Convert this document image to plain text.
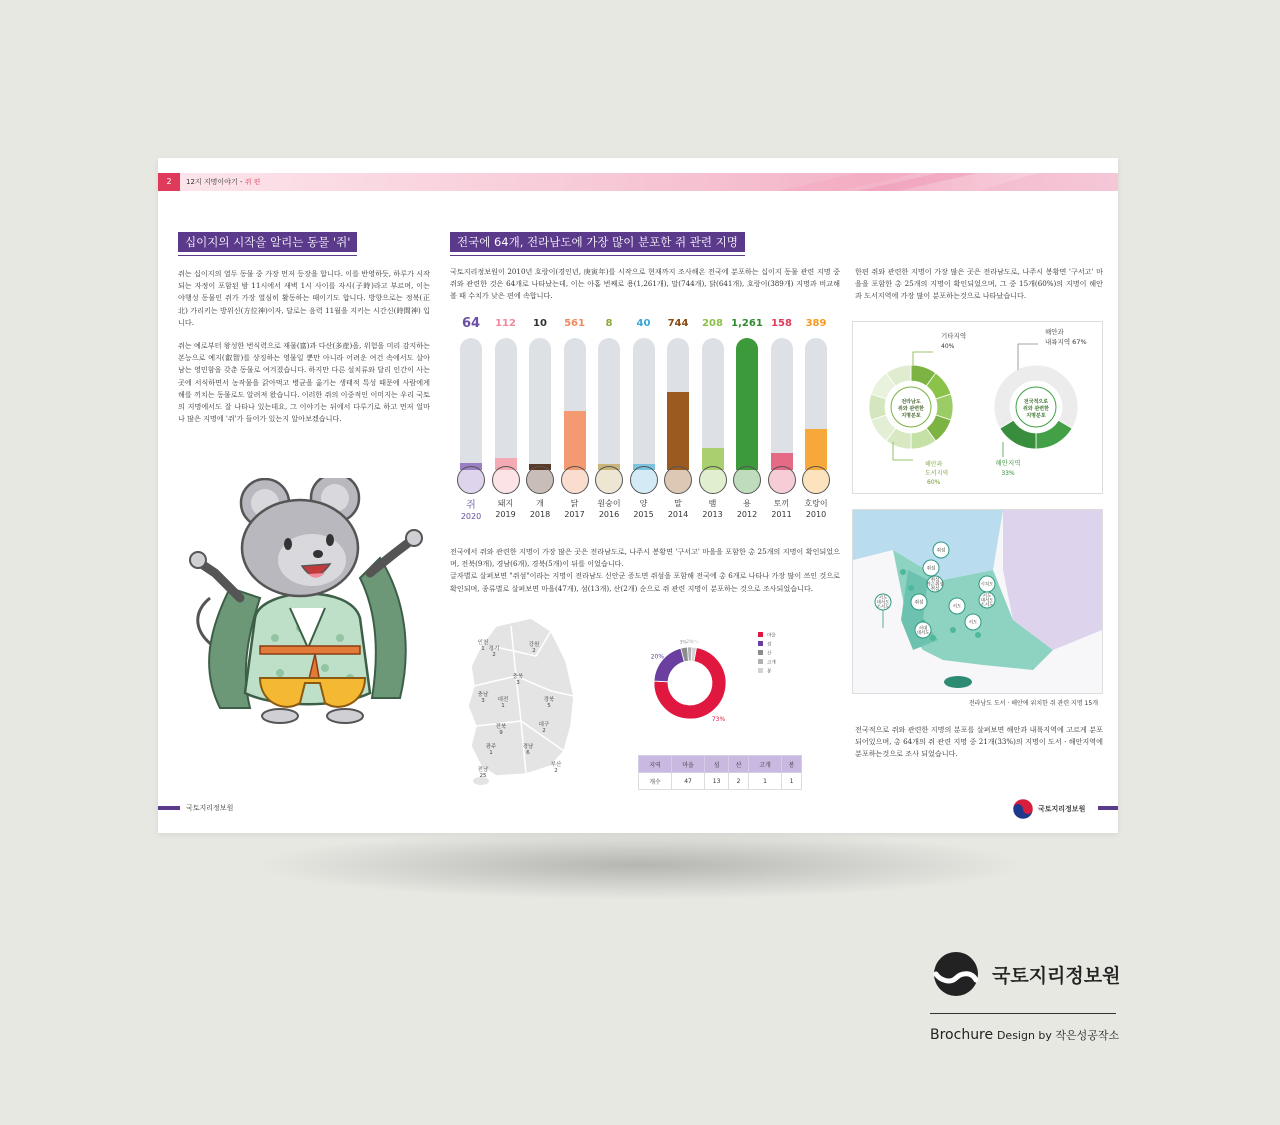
2	12지 지명이야기 - 쥐 편
십이지의 시작을 알리는 동물 '쥐'
쥐는 십이지의 열두 동물 중 가장 먼저 등장을 합니다. 이를 반영하듯, 하루가 시작되는 자정이 포함된 밤 11시에서 새벽 1시 사이를 자시(子時)라고 부르며, 이는 야행성 동물인 쥐가 가장 열심히 활동하는 때이기도 합니다. 방향으로는 정북(正北) 가리키는 방위신(方位神)이자, 달로는 음력 11월을 지키는 시간신(時間神) 입니다.
쥐는 예로부터 왕성한 번식력으로 재물(富)과 다산(多産)을, 위험을 미리 감지하는 본능으로 예지(叡智)를 상징하는 영물일 뿐만 아니라 어려운 여건 속에서도 살아남는 영민함을 갖춘 동물로 여겨졌습니다. 하지만 다른 설치류와 달리 인간이 사는 곳에 서식하면서 농작물을 갉아먹고 병균을 옮기는 생태적 특성 때문에 사람에게 해를 끼치는 동물로도 알려져 왔습니다. 이러한 쥐의 이중적인 이미지는 우리 국토의 지명에서도 잘 나타나 있는데요, 그 이야기는 뒤에서 다루기로 하고 먼저 얼마나 많은 지명에 '쥐'가 들어가 있는지 알아보겠습니다.
전국에 64개, 전라남도에 가장 많이 분포한 쥐 관련 지명
국토지리정보원이 2010년 호랑이(경인년, 庚寅年)를 시작으로 현재까지 조사해온 전국에 분포하는 십이지 동물 관련 지명 중 쥐와 관련한 것은 64개로 나타났는데, 이는 아홉 번째로 용(1,261개), 말(744개), 닭(641개), 호랑이(389개) 지명과 비교해 볼 때 수치가 낮은 편에 속합니다.
64
쥐
2020
112
돼지
2019
10
개
2018
561
닭
2017
8
원숭이
2016
40
양
2015
744
말
2014
208
뱀
2013
1,261
용
2012
158
토끼
2011
389
호랑이
2010
전국에서 쥐와 관련한 지명이 가장 많은 곳은 전라남도로, 나주시 봉황면 '구서고' 마을을 포함한 총 25개의 지명이 확인되었으며, 전북(9개), 경남(6개), 경북(5개)이 뒤를 이었습니다.
글자별로 살펴보면 "쥐섬"이라는 지명이 전라남도 신안군 증도면 쥐섬을 포함해 전국에 총 6개로 나타나 가장 많이 쓰인 것으로 확인되며, 종류별로 살펴보면 마을(47개), 섬(13개), 산(2개) 순으로 쥐 관련 지명이 분포하는 것으로 조사되었습니다.
인천 1 경기 2
강원 2
충북 3
충남 3	대전 1
경북 5
전북 9
대구 2
광주 1
경남 6
전남 25
부산 2
73%
20%
3% 2%
2%
마을
섬
산
고개
봉
지역	마을	섬	산	고개	봉
개수	47	13	2	1	1
한편 쥐와 관련한 지명이 가장 많은 곳은 전라남도로, 나주시 봉황면 '구서고' 마을을 포함한 총 25개의 지명이 확인되었으며, 그 중 15개(60%)의 지명이 해안과 도서지역에 가장 많이 분포하는것으로 나타났습니다.
전라남도
쥐와 관련한
지명분포
기타지역
40%
해안과
도서지역
60%
전국적으로
쥐와 관련한
지명분포
해안과
내륙지역 67%
해안지역
33%
쥐섬
쥐섬
쥐섬
작은쥐섬
쥐섬
시치도
쥐섬
서도
대서도
소서도
서도
서대
대서도
서도
서도
대서도
소서도
전라남도 도서 · 해안에 위치한 쥐 관련 지명 15개
전국적으로 쥐와 관련한 지명의 분포를 살펴보면 해안과 내륙지역에 고르게 분포되어있으며, 총 64개의 쥐 관련 지명 중 21개(33%)의 지명이 도서 · 해안지역에 분포하는것으로 조사 되었습니다.
국토지리정보원	국토지리정보원
국토지리정보원
Brochure Design by 작은성공작소
